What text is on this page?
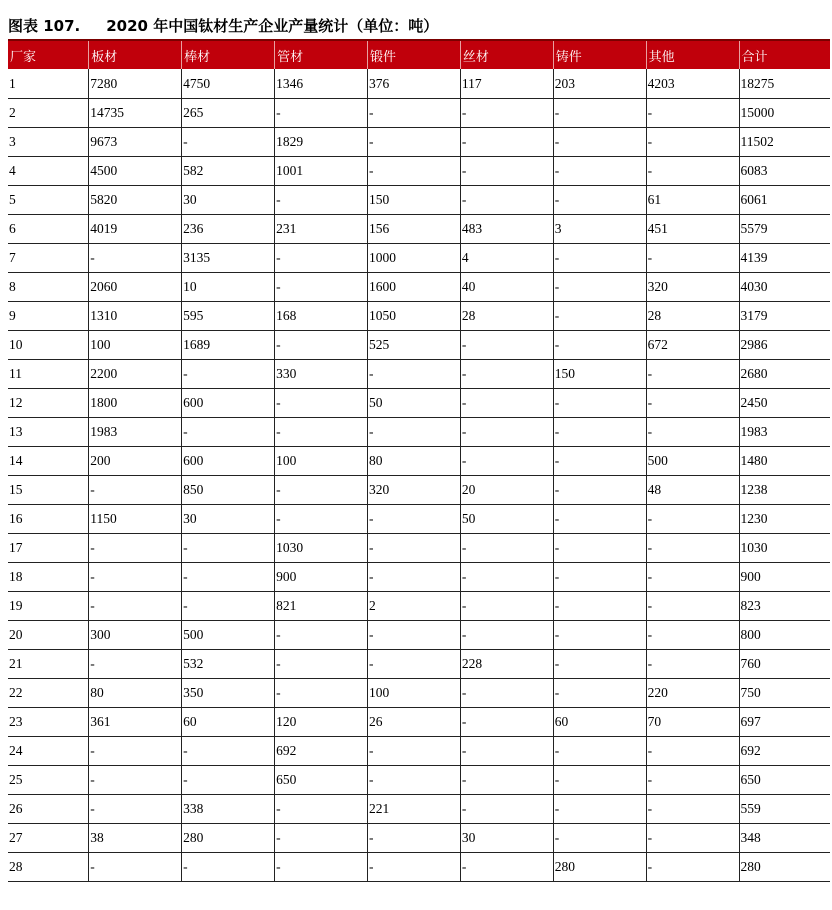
图表 107. 2020 年中国钛材生产企业产量统计（单位：吨）
厂家	板材	棒材	管材	锻件	丝材	铸件	其他	合计
1	7280	4750	1346	376	117	203	4203	18275
2	14735	265	-	-	-	-	-	15000
3	9673	-	1829	-	-	-	-	11502
4	4500	582	1001	-	-	-	-	6083
5	5820	30	-	150	-	-	61	6061
6	4019	236	231	156	483	3	451	5579
7	-	3135	-	1000	4	-	-	4139
8	2060	10	-	1600	40	-	320	4030
9	1310	595	168	1050	28	-	28	3179
10	100	1689	-	525	-	-	672	2986
11	2200	-	330	-	-	150	-	2680
12	1800	600	-	50	-	-	-	2450
13	1983	-	-	-	-	-	-	1983
14	200	600	100	80	-	-	500	1480
15	-	850	-	320	20	-	48	1238
16	1150	30	-	-	50	-	-	1230
17	-	-	1030	-	-	-	-	1030
18	-	-	900	-	-	-	-	900
19	-	-	821	2	-	-	-	823
20	300	500	-	-	-	-	-	800
21	-	532	-	-	228	-	-	760
22	80	350	-	100	-	-	220	750
23	361	60	120	26	-	60	70	697
24	-	-	692	-	-	-	-	692
25	-	-	650	-	-	-	-	650
26	-	338	-	221	-	-	-	559
27	38	280	-	-	30	-	-	348
28	-	-	-	-	-	280	-	280
